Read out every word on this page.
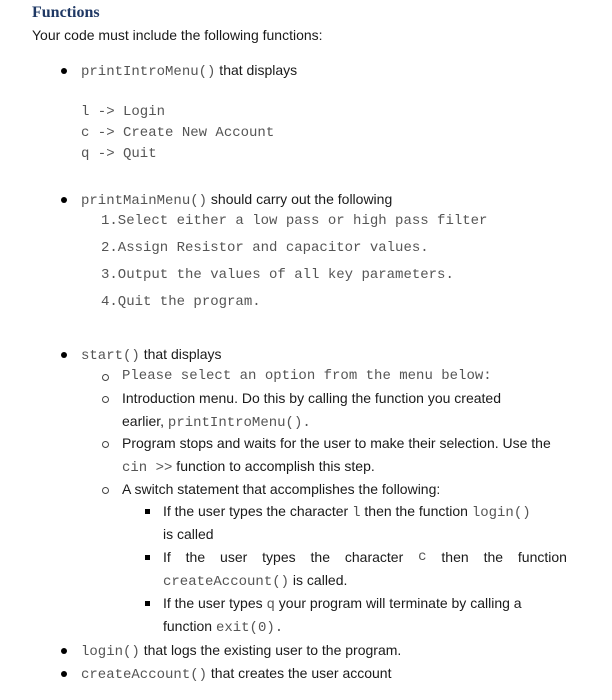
Functions
Your code must include the following functions:
printIntroMenu() that displays
l -> Login
c -> Create New Account
q -> Quit
printMainMenu() should carry out the following
1.Select either a low pass or high pass filter
2.Assign Resistor and capacitor values.
3.Output the values of all key parameters.
4.Quit the program.
start() that displays
Please select an option from the menu below:
Introduction menu. Do this by calling the function you created
earlier, printIntroMenu().
Program stops and waits for the user to make their selection. Use the
cin >> function to accomplish this step.
A switch statement that accomplishes the following:
If the user types the character l then the function login()
is called
If the user types the character c then the function
createAccount() is called.
If the user types q your program will terminate by calling a
function exit(0).
login() that logs the existing user to the program.
createAccount() that creates the user account
